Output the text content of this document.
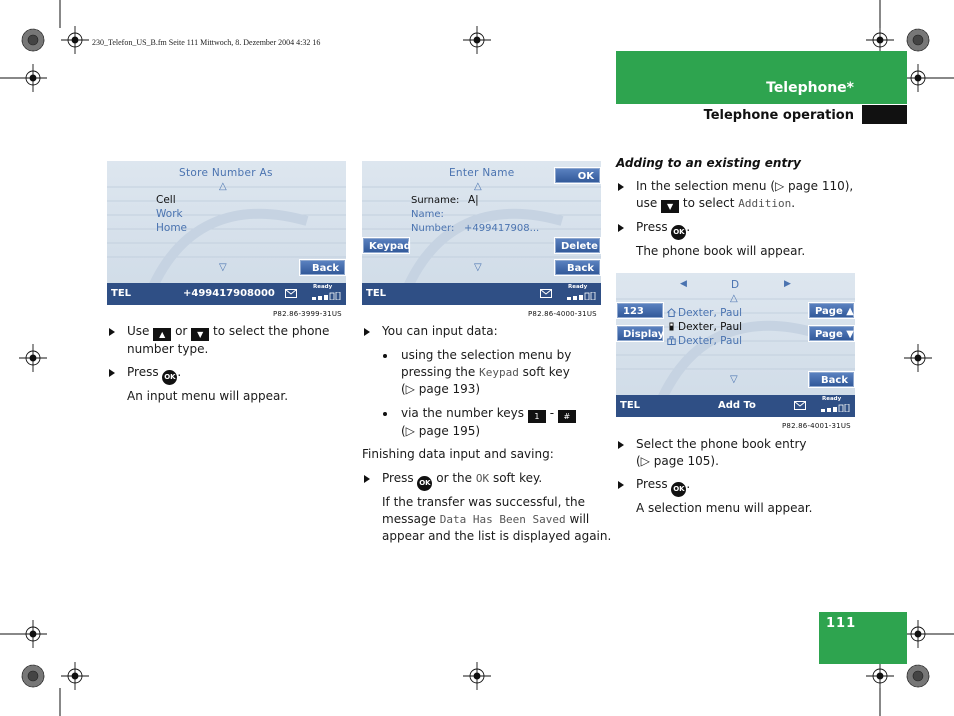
230_Telefon_US_B.fm Seite 111 Mittwoch, 8. Dezember 2004 4:32 16
Telephone*
Telephone operation
Store Number As
△
Cell
Work
Home
▽	Back
TEL	+499417908000
Ready
P82.86-3999-31US
Enter Name	OK
△
Surname: A|
Name:
Number: +499417908...
Keypad	Delete
▽	Back
TEL
Ready
P82.86-4000-31US
◀	D	▶
△
123
Display
Page ▲
Page ▼
Dexter, Paul
Dexter, Paul
Dexter, Paul
▽	Back
TEL	Add To
Ready
P82.86-4001-31US
Use ▲ or ▼ to select the phone
number type.
Press OK .
An input menu will appear.
You can input data:
using the selection menu by
pressing the Keypad soft key
(▷ page 193)
via the number keys 1 - #
(▷ page 195)
Finishing data input and saving:
Press OK or the OK soft key.
If the transfer was successful, the
message Data Has Been Saved will
appear and the list is displayed again.
Adding to an existing entry
In the selection menu (▷ page 110),
use ▼ to select Addition.
Press OK .
The phone book will appear.
Select the phone book entry
(▷ page 105).
Press OK .
A selection menu will appear.
111
